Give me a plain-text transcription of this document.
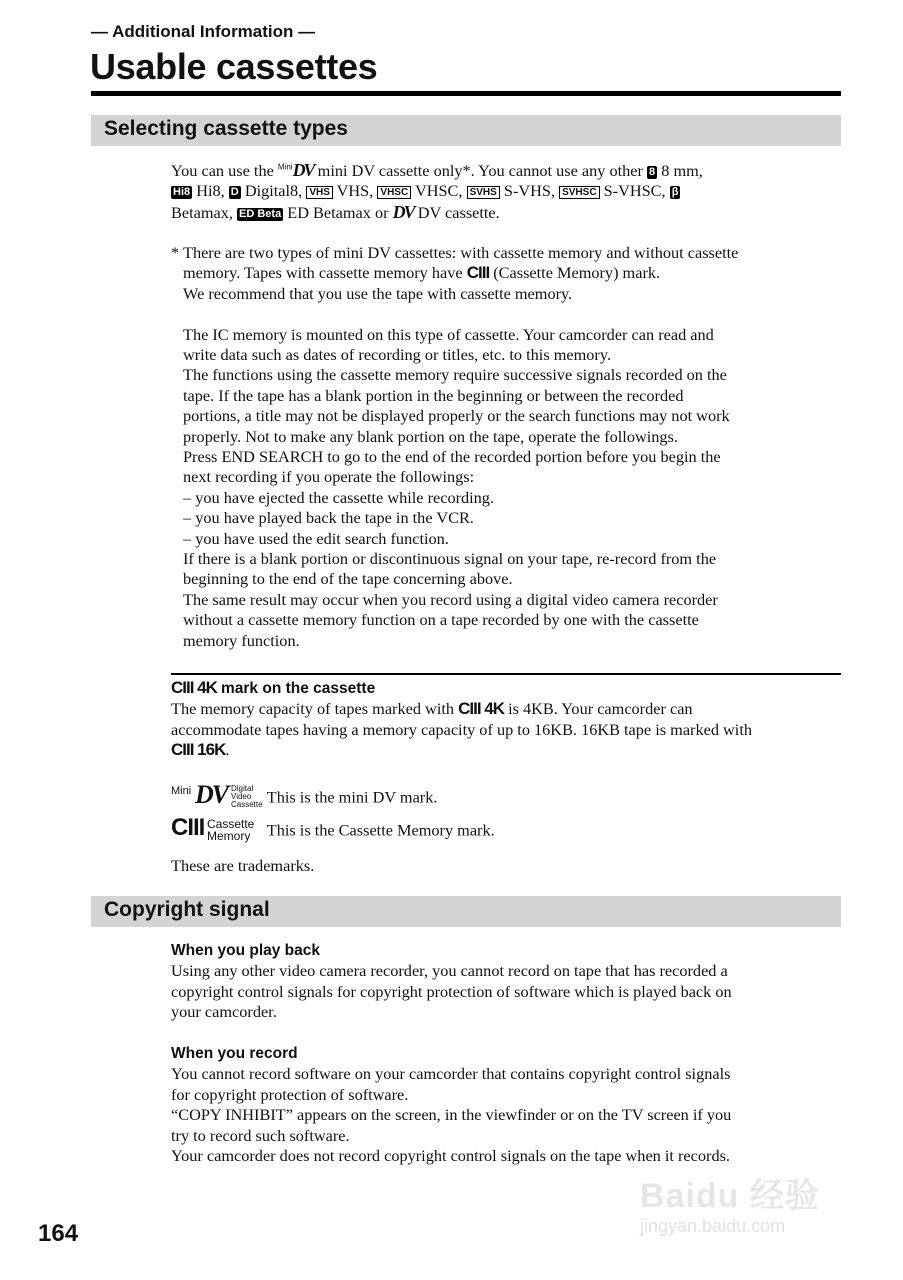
— Additional Information —
Usable cassettes
Selecting cassette types
You can use the $^{Mini}$DV mini DV cassette only*. You cannot use any other 8 8 mm,
Hi8 Hi8, D Digital8, VHS VHS, VHSC VHSC, SVHS S-VHS, SVHSC S-VHSC, β
Betamax, ED Beta ED Betamax or DV DV cassette.
* There are two types of mini DV cassettes: with cassette memory and without cassette
memory. Tapes with cassette memory have CIII (Cassette Memory) mark.
We recommend that you use the tape with cassette memory.
The IC memory is mounted on this type of cassette. Your camcorder can read and
write data such as dates of recording or titles, etc. to this memory.
The functions using the cassette memory require successive signals recorded on the
tape. If the tape has a blank portion in the beginning or between the recorded
portions, a title may not be displayed properly or the search functions may not work
properly. Not to make any blank portion on the tape, operate the followings.
Press END SEARCH to go to the end of the recorded portion before you begin the
next recording if you operate the followings:
– you have ejected the cassette while recording.
– you have played back the tape in the VCR.
– you have used the edit search function.
If there is a blank portion or discontinuous signal on your tape, re-record from the
beginning to the end of the tape concerning above.
The same result may occur when you record using a digital video camera recorder
without a cassette memory function on a tape recorded by one with the cassette
memory function.
CIII 4K mark on the cassette
The memory capacity of tapes marked with CIII 4K is 4KB. Your camcorder can
accommodate tapes having a memory capacity of up to 16KB. 16KB tape is marked with
CIII 16K.
Mini DV Digital
Video
Cassette This is the mini DV mark.
CIII Cassette
Memory This is the Cassette Memory mark.
These are trademarks.
Copyright signal
When you play back
Using any other video camera recorder, you cannot record on tape that has recorded a
copyright control signals for copyright protection of software which is played back on
your camcorder.
When you record
You cannot record software on your camcorder that contains copyright control signals
for copyright protection of software.
“COPY INHIBIT” appears on the screen, in the viewfinder or on the TV screen if you
try to record such software.
Your camcorder does not record copyright control signals on the tape when it records.
Baidu 经验
jingyan.baidu.com
164
